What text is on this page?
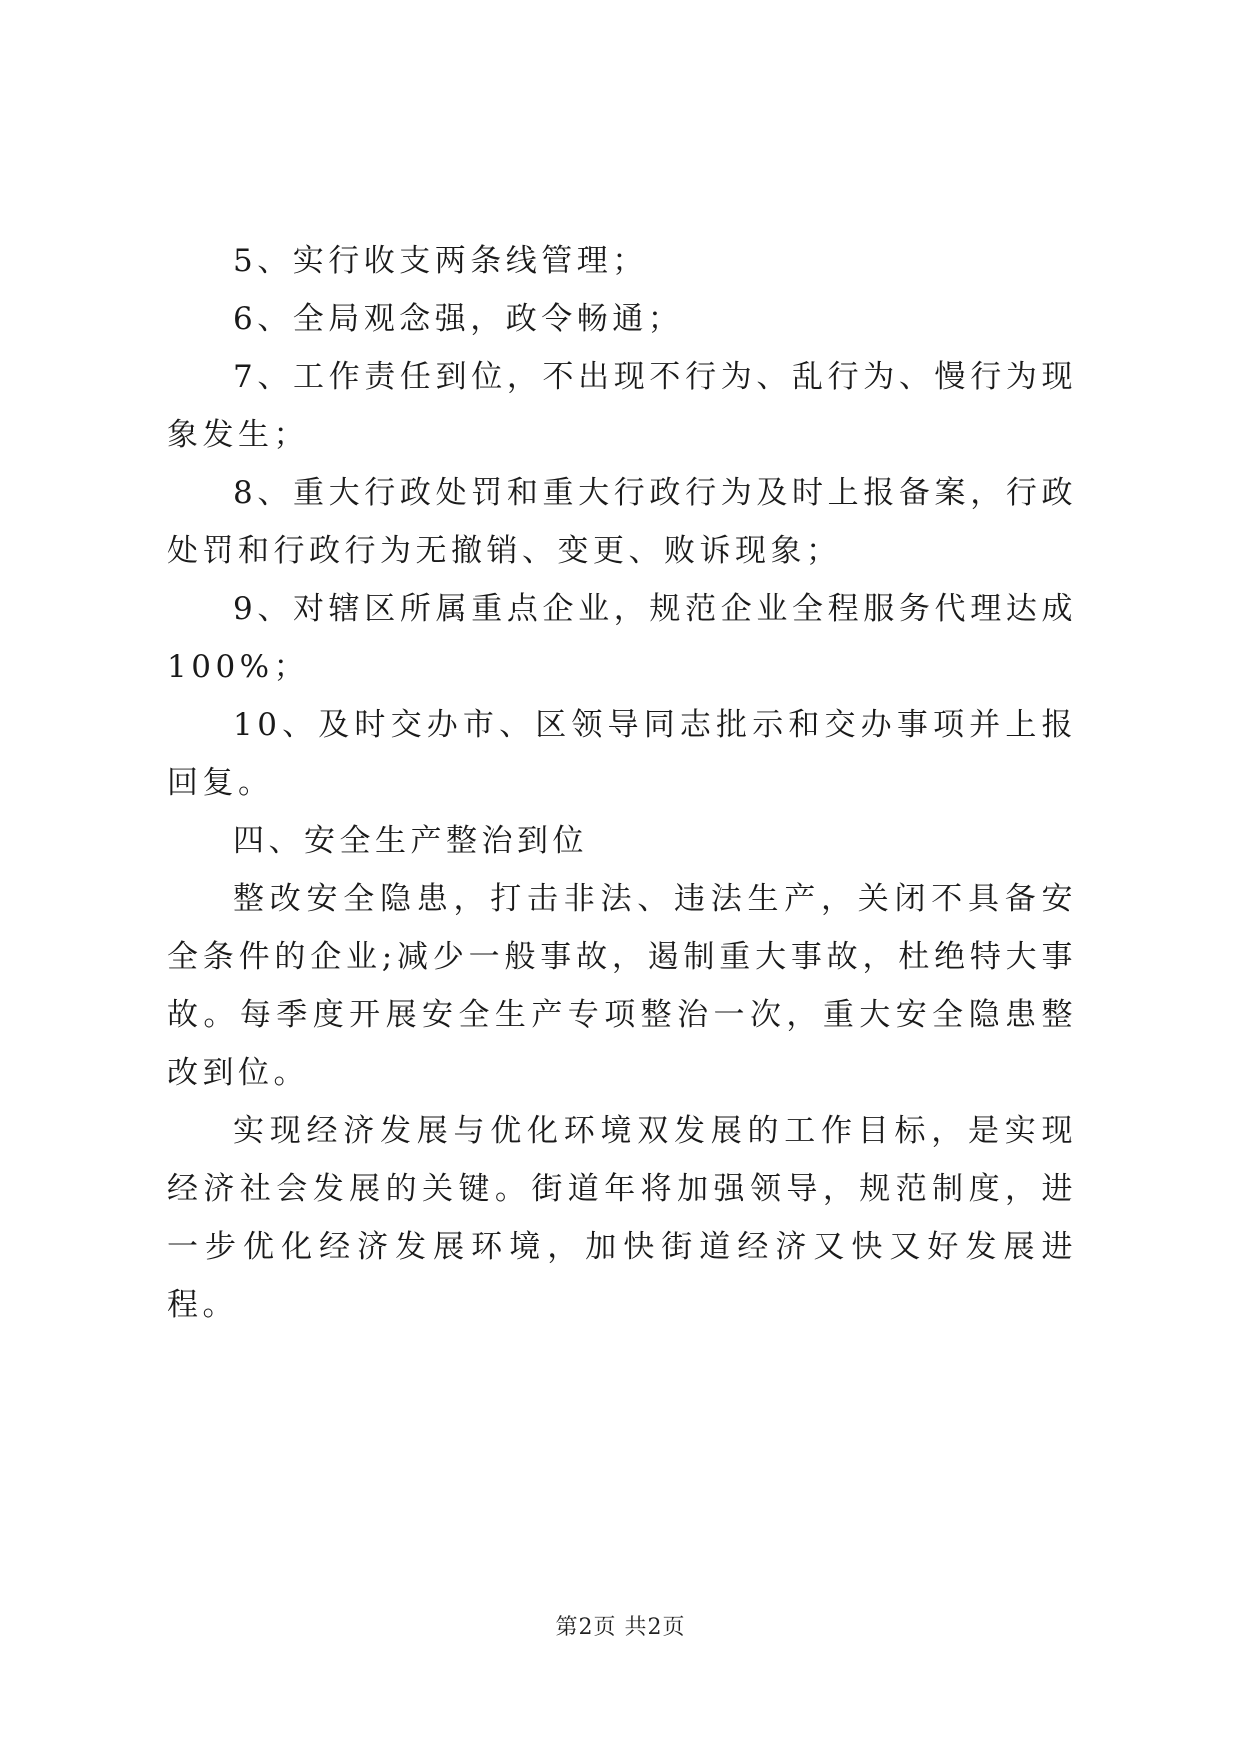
5、实行收支两条线管理；

6、全局观念强，政令畅通；

7、工作责任到位，不出现不行为、乱行为、慢行为现象发生；

8、重大行政处罚和重大行政行为及时上报备案，行政处罚和行政行为无撤销、变更、败诉现象；

9、对辖区所属重点企业，规范企业全程服务代理达成100%；

10、及时交办市、区领导同志批示和交办事项并上报回复。

四、安全生产整治到位

整改安全隐患，打击非法、违法生产，关闭不具备安全条件的企业;减少一般事故，遏制重大事故，杜绝特大事故。每季度开展安全生产专项整治一次，重大安全隐患整改到位。

实现经济发展与优化环境双发展的工作目标，是实现经济社会发展的关键。街道年将加强领导，规范制度，进一步优化经济发展环境，加快街道经济又快又好发展进程。

第2页 共2页
